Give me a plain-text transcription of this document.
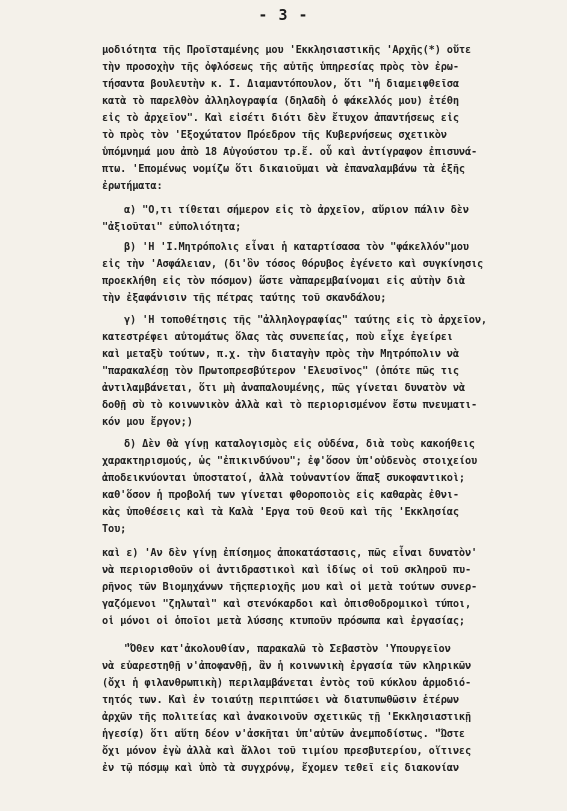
- 3 -
μοδιότητα τῆς Προϊσταμένης μου 'Εκκλησιαστικῆς 'Αρχῆς(*) οὔτε
τὴν προσοχὴν τῆς ὀφλόσεως τῆς αὐτῆς ὑπηρεσίας πρὸς τὸν ἐρω-
τήσαντα βουλευτὴν κ. Ι. Διαμαντόπουλον, ὅτι "ἡ διαμειφθεῖσα
κατὰ τὸ παρελθὸν ἀλληλογραφία (δηλαδὴ ὁ φάκελλός μου) ἐτέθη
εἰς τὸ ἀρχεῖον". Καὶ εἰσέτι διότι δὲν ἔτυχον ἀπαντήσεως εἰς
τὸ πρὸς τὸν 'Εξοχώτατον Πρόεδρον τῆς Κυβερνήσεως σχετικὸν
ὑπόμνημά μου ἀπὸ 18 Αὐγούστου τρ.ἔ. οὗ καὶ ἀντίγραφον ἐπισυνά-
πτω. 'Επομένως νομίζω ὅτι δικαιοῦμαι νὰ ἐπαναλαμβάνω τὰ ἑξῆς
ἐρωτήματα:
α) "Ο,τι τίθεται σήμερον εἰς τὸ ἀρχεῖον, αὔριον πάλιν δὲν
"ἀξιοῦται" εὐπολιότητα;
β) 'Η 'Ι.Μητρόπολις εἶναι ἡ καταρτίσασα τὸν "φάκελλόν"μου
εἰς τὴν 'Ασφάλειαν, (δι'ὃν τόσος θόρυβος ἐγένετο καὶ συγκίνησις
προεκλήθη εἰς τὸν πόσμον) ὥστε νὰπαρεμβαίνομαι εἰς αὐτὴν διὰ
τὴν ἐξαφάνισιν τῆς πέτρας ταύτης τοῦ σκανδάλου;
γ) 'Η τοποθέτησις τῆς "ἀλληλογραφίας" ταύτης εἰς τὸ ἀρχεῖον,
κατεστρέφει αὐτομάτως ὅλας τὰς συνεπείας, ποὺ εἶχε ἐγείρει
καὶ μεταξὺ τούτων, π.χ. τὴν διαταγὴν πρὸς τὴν Μητρόπολιν νὰ
"παρακαλέσῃ τὸν Πρωτοπρεσβύτερον 'Ελευσῖνος" (ὁπότε πῶς τις
ἀντιλαμβάνεται, ὅτι μὴ ἀναπαλουμένης, πῶς γίνεται δυνατὸν νὰ
δοθῇ σὺ τὸ κοινωνικὸν ἀλλὰ καὶ τὸ περιορισμένον ἔστω πνευματι-
κόν μου ἔργον;)
δ) Δὲν θὰ γίνῃ καταλογισμὸς εἰς οὐδένα, διὰ τοὺς κακοήθεις
χαρακτηρισμούς, ὡς "ἐπικινδύνου"; ἐφ'ὅσον ὑπ'οὐδενὸς στοιχείου
ἀποδεικνύονται ὑποστατοί, ἀλλὰ τοὐναντίον ἅπαξ συκοφαντικοὶ;
καθ'ὅσον ἡ προβολή των γίνεται φθοροποιὸς εἰς καθαρὰς ἐθνι-
κὰς ὑποθέσεις καὶ τὰ Καλὰ 'Εργα τοῦ Θεοῦ καὶ τῆς 'Εκκλησίας
Του;
καὶ ε) 'Αν δὲν γίνῃ ἐπίσημος ἀποκατάστασις, πῶς εἶναι δυνατὸν'
νὰ περιορισθοῦν οἱ ἀντιδραστικοὶ καὶ ἰδίως οἱ τοῦ σκληροῦ πυ-
ρῆνος τῶν Βιομηχάνων τῆςπεριοχῆς μου καὶ οἱ μετὰ τούτων συνερ-
γαζόμενοι "ζηλωταὶ" καὶ στενόκαρδοι καὶ ὀπισθοδρομικοὶ τύποι,
οἱ μόνοι οἱ ὁποῖοι μετὰ λύσσης κτυποῦν πρόσωπα καὶ ἐργασίας;
"Ὅθεν κατ'ἀκολουθίαν, παρακαλῶ τὸ Σεβαστὸν 'Υπουργεῖον
νὰ εὐαρεστηθῇ ν'ἀποφανθῇ, ἂν ἡ κοινωνικὴ ἐργασία τῶν κληρικῶν
(ὄχι ἡ φιλανθρωπικὴ) περιλαμβάνεται ἐντὸς τοῦ κύκλου ἁρμοδιό-
τητός των. Καὶ ἐν τοιαύτῃ περιπτώσει νὰ διατυπωθῶσιν ἑτέρων
ἀρχῶν τῆς πολιτείας καὶ ἀνακοινοῦν σχετικῶς τῇ 'Εκκλησιαστικῇ
ἡγεσίᾳ) ὅτι αὕτη δέον ν'ἀσκῆται ὑπ'αὐτῶν ἀνεμποδίστως. "Ὥστε
ὄχι μόνον ἐγὼ ἀλλὰ καὶ ἄλλοι τοῦ τιμίου πρεσβυτερίου, οἵτινες
ἐν τῷ πόσμῳ καὶ ὑπὸ τὰ συγχρόνῳ, ἔχομεν τεθεῖ εἰς διακονίαν
